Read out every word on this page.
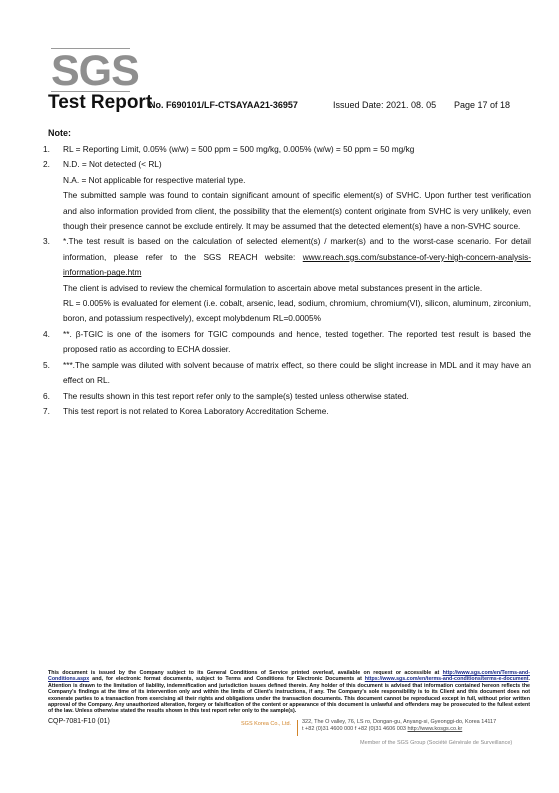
SGS
Test Report
No. F690101/LF-CTSAYAA21-36957	Issued Date: 2021. 08. 05 Page 17 of 18
Note:
1. RL = Reporting Limit, 0.05% (w/w) = 500 ppm = 500 mg/kg, 0.005% (w/w) = 50 ppm = 50 mg/kg

2. N.D. = Not detected (< RL)

N.A. = Not applicable for respective material type.

The submitted sample was found to contain significant amount of specific element(s) of SVHC. Upon further test verification and also information provided from client, the possibility that the element(s) content originate from SVHC is very unlikely, even though their presence cannot be exclude entirely. It may be assumed that the detected element(s) have a non-SVHC source.

3. *.The test result is based on the calculation of selected element(s) / marker(s) and to the worst-case scenario. For detail information, please refer to the SGS REACH website: www.reach.sgs.com/substance-of-very-high-concern-analysis-information-page.htm

The client is advised to review the chemical formulation to ascertain above metal substances present in the article.

RL = 0.005% is evaluated for element (i.e. cobalt, arsenic, lead, sodium, chromium, chromium(VI), silicon, aluminum, zirconium, boron, and potassium respectively), except molybdenum RL=0.0005%

4. **. β-TGIC is one of the isomers for TGIC compounds and hence, tested together. The reported test result is based the proposed ratio as according to ECHA dossier.

5. ***.The sample was diluted with solvent because of matrix effect, so there could be slight increase in MDL and it may have an effect on RL.

6. The results shown in this test report refer only to the sample(s) tested unless otherwise stated.

7. This test report is not related to Korea Laboratory Accreditation Scheme.

This document is issued by the Company subject to its General Conditions of Service printed overleaf, available on request or accessible at http://www.sgs.com/en/Terms-and-Conditions.aspx and, for electronic format documents, subject to Terms and Conditions for Electronic Documents at https://www.sgs.com/en/terms-and-conditions/terms-e-document. Attention is drawn to the limitation of liability, indemnification and jurisdiction issues defined therein. Any holder of this document is advised that information contained hereon reflects the Company's findings at the time of its intervention only and within the limits of Client's instructions, if any. The Company's sole responsibility is to its Client and this document does not exonerate parties to a transaction from exercising all their rights and obligations under the transaction documents. This document cannot be reproduced except in full, without prior written approval of the Company. Any unauthorized alteration, forgery or falsification of the content or appearance of this document is unlawful and offenders may be prosecuted to the fullest extent of the law. Unless otherwise stated the results shown in this test report refer only to the sample(s).
CQP-7081-F10 (01)	SGS Korea Co., Ltd. 322, The O valley, 76, LS ro, Dongan-gu, Anyang-si, Gyeonggi-do, Korea 14117
t +82 (0)31 4600 000 f +82 (0)31 4606 003 http://www.kosgs.co.kr
Member of the SGS Group (Société Générale de Surveillance)
